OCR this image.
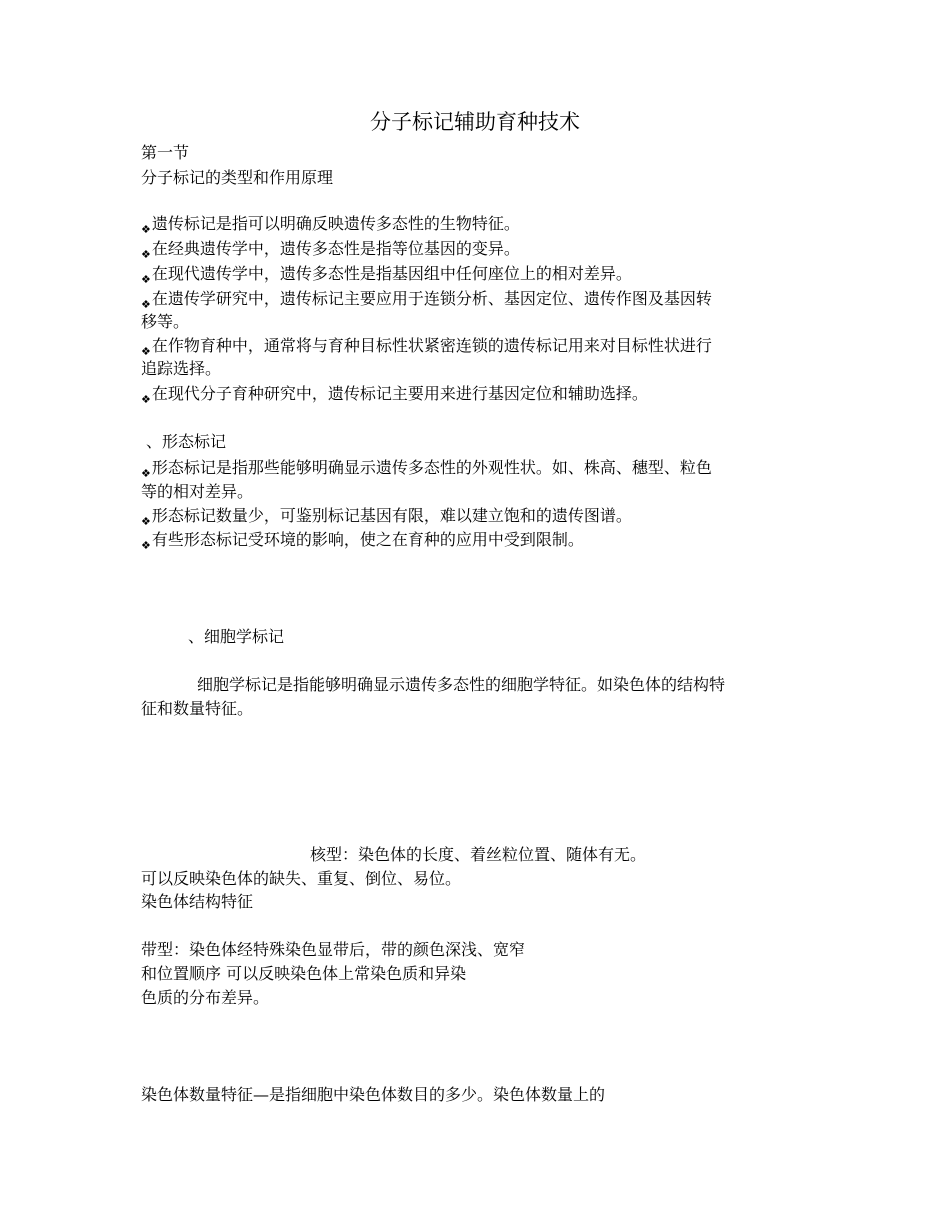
分子标记辅助育种技术
第一节
分子标记的类型和作用原理
❖遗传标记是指可以明确反映遗传多态性的生物特征。
❖在经典遗传学中，遗传多态性是指等位基因的变异。
❖在现代遗传学中，遗传多态性是指基因组中任何座位上的相对差异。
❖在遗传学研究中，遗传标记主要应用于连锁分析、基因定位、遗传作图及基因转
移等。
❖在作物育种中，通常将与育种目标性状紧密连锁的遗传标记用来对目标性状进行
追踪选择。
❖在现代分子育种研究中，遗传标记主要用来进行基因定位和辅助选择。
、形态标记
❖形态标记是指那些能够明确显示遗传多态性的外观性状。如、株高、穗型、粒色
等的相对差异。
❖形态标记数量少，可鉴别标记基因有限，难以建立饱和的遗传图谱。
❖有些形态标记受环境的影响，使之在育种的应用中受到限制。
、细胞学标记
细胞学标记是指能够明确显示遗传多态性的细胞学特征。如染色体的结构特
征和数量特征。
核型：染色体的长度、着丝粒位置、随体有无。
可以反映染色体的缺失、重复、倒位、易位。
染色体结构特征
带型：染色体经特殊染色显带后，带的颜色深浅、宽窄
和位置顺序 可以反映染色体上常染色质和异染
色质的分布差异。
染色体数量特征—是指细胞中染色体数目的多少。染色体数量上的
